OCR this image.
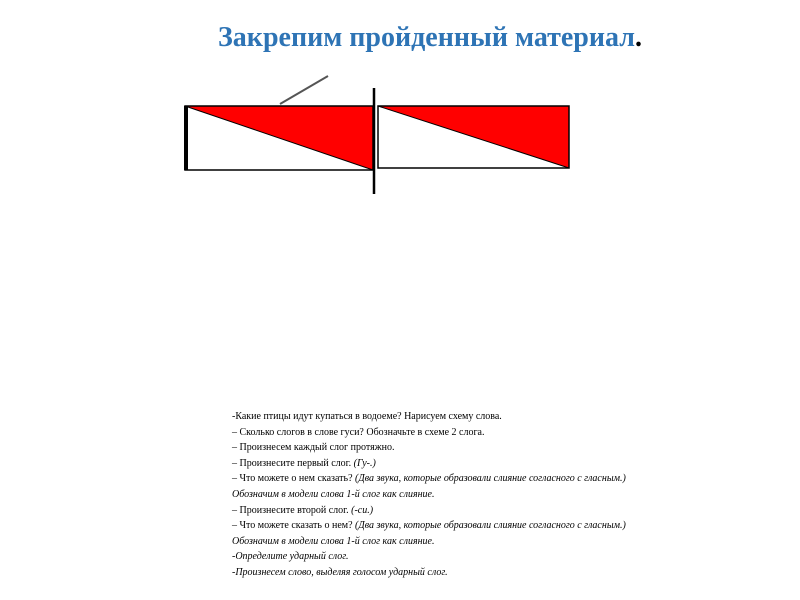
Закрепим пройденный материал.
-Какие птицы идут купаться в водоеме? Нарисуем схему слова.
– Сколько слогов в слове гуси? Обозначьте в схеме 2 слога.
– Произнесем каждый слог протяжно.
– Произнесите первый слог. (Гу-.)
– Что можете о нем сказать? (Два звука, которые образовали слияние согласного с гласным.)
Обозначим в модели слова 1-й слог как слияние.
– Произнесите второй слог. (-си.)
– Что можете сказать о нем? (Два звука, которые образовали слияние согласного с гласным.)
Обозначим в модели слова 1-й слог как слияние.
-Определите ударный слог.
-Произнесем слово, выделяя голосом ударный слог.
